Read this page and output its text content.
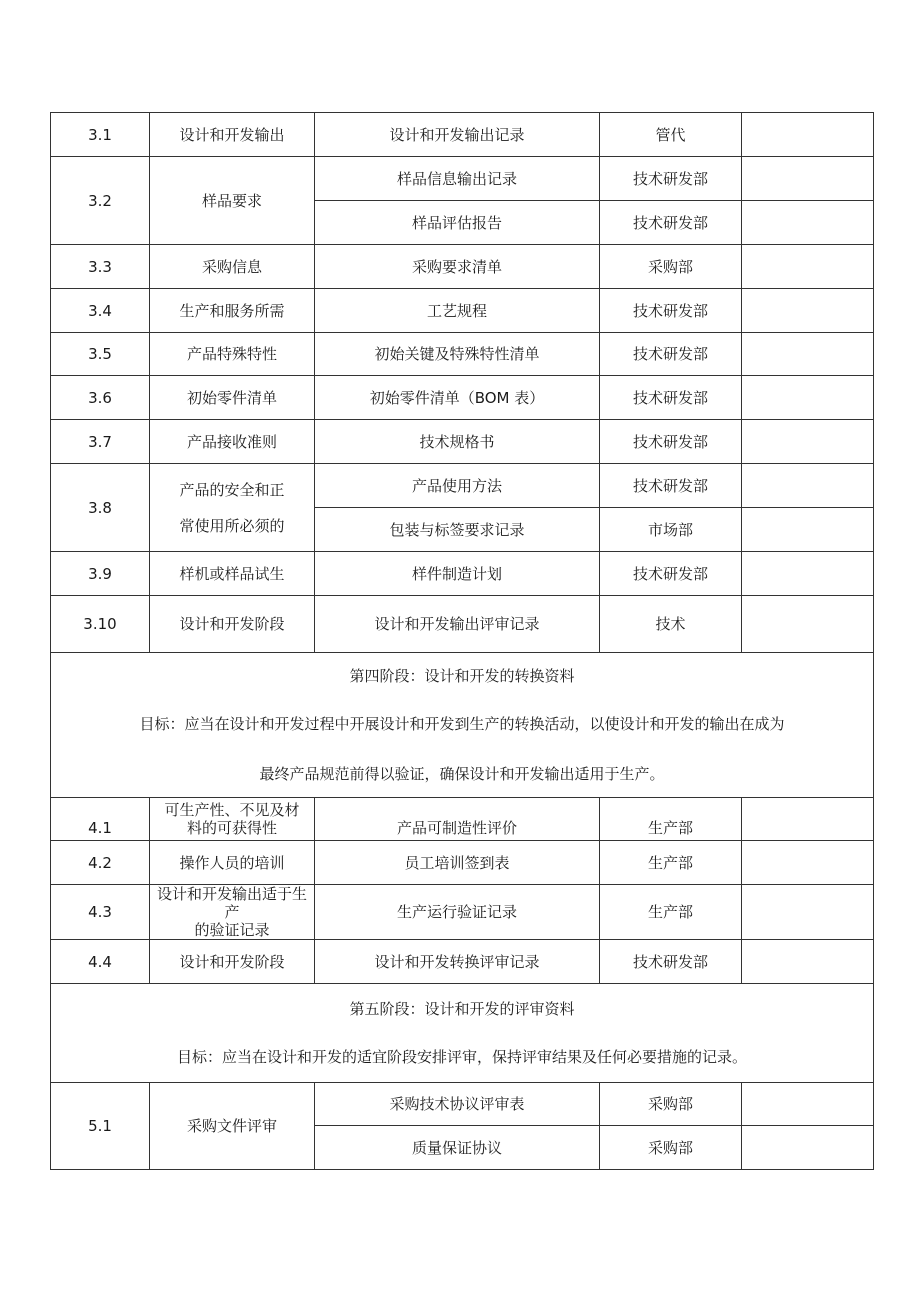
3.1	设计和开发输出	设计和开发输出记录	管代	
3.2	样品要求	样品信息输出记录	技术研发部	
		样品评估报告	技术研发部	
3.3	采购信息	采购要求清单	采购部	
3.4	生产和服务所需	工艺规程	技术研发部	
3.5	产品特殊特性	初始关键及特殊特性清单	技术研发部	
3.6	初始零件清单	初始零件清单（BOM 表）	技术研发部	
3.7	产品接收准则	技术规格书	技术研发部	
3.8	产品的安全和正
常使用所必须的	产品使用方法	技术研发部	
		包装与标签要求记录	市场部	
3.9	样机或样品试生	样件制造计划	技术研发部	
3.10	设计和开发阶段	设计和开发输出评审记录	技术	

第四阶段：设计和开发的转换资料
目标：应当在设计和开发过程中开展设计和开发到生产的转换活动，以使设计和开发的输出在成为
最终产品规范前得以验证，确保设计和开发输出适用于生产。				

4.1	可生产性、不见及材
料的可获得性	产品可制造性评价	生产部	
4.2	操作人员的培训	员工培训签到表	生产部	
4.3	设计和开发输出适于生产
的验证记录	生产运行验证记录	生产部	
4.4	设计和开发阶段	设计和开发转换评审记录	技术研发部	

第五阶段：设计和开发的评审资料
目标：应当在设计和开发的适宜阶段安排评审，保持评审结果及任何必要措施的记录。				

5.1	采购文件评审	采购技术协议评审表	采购部	
		质量保证协议	采购部	
